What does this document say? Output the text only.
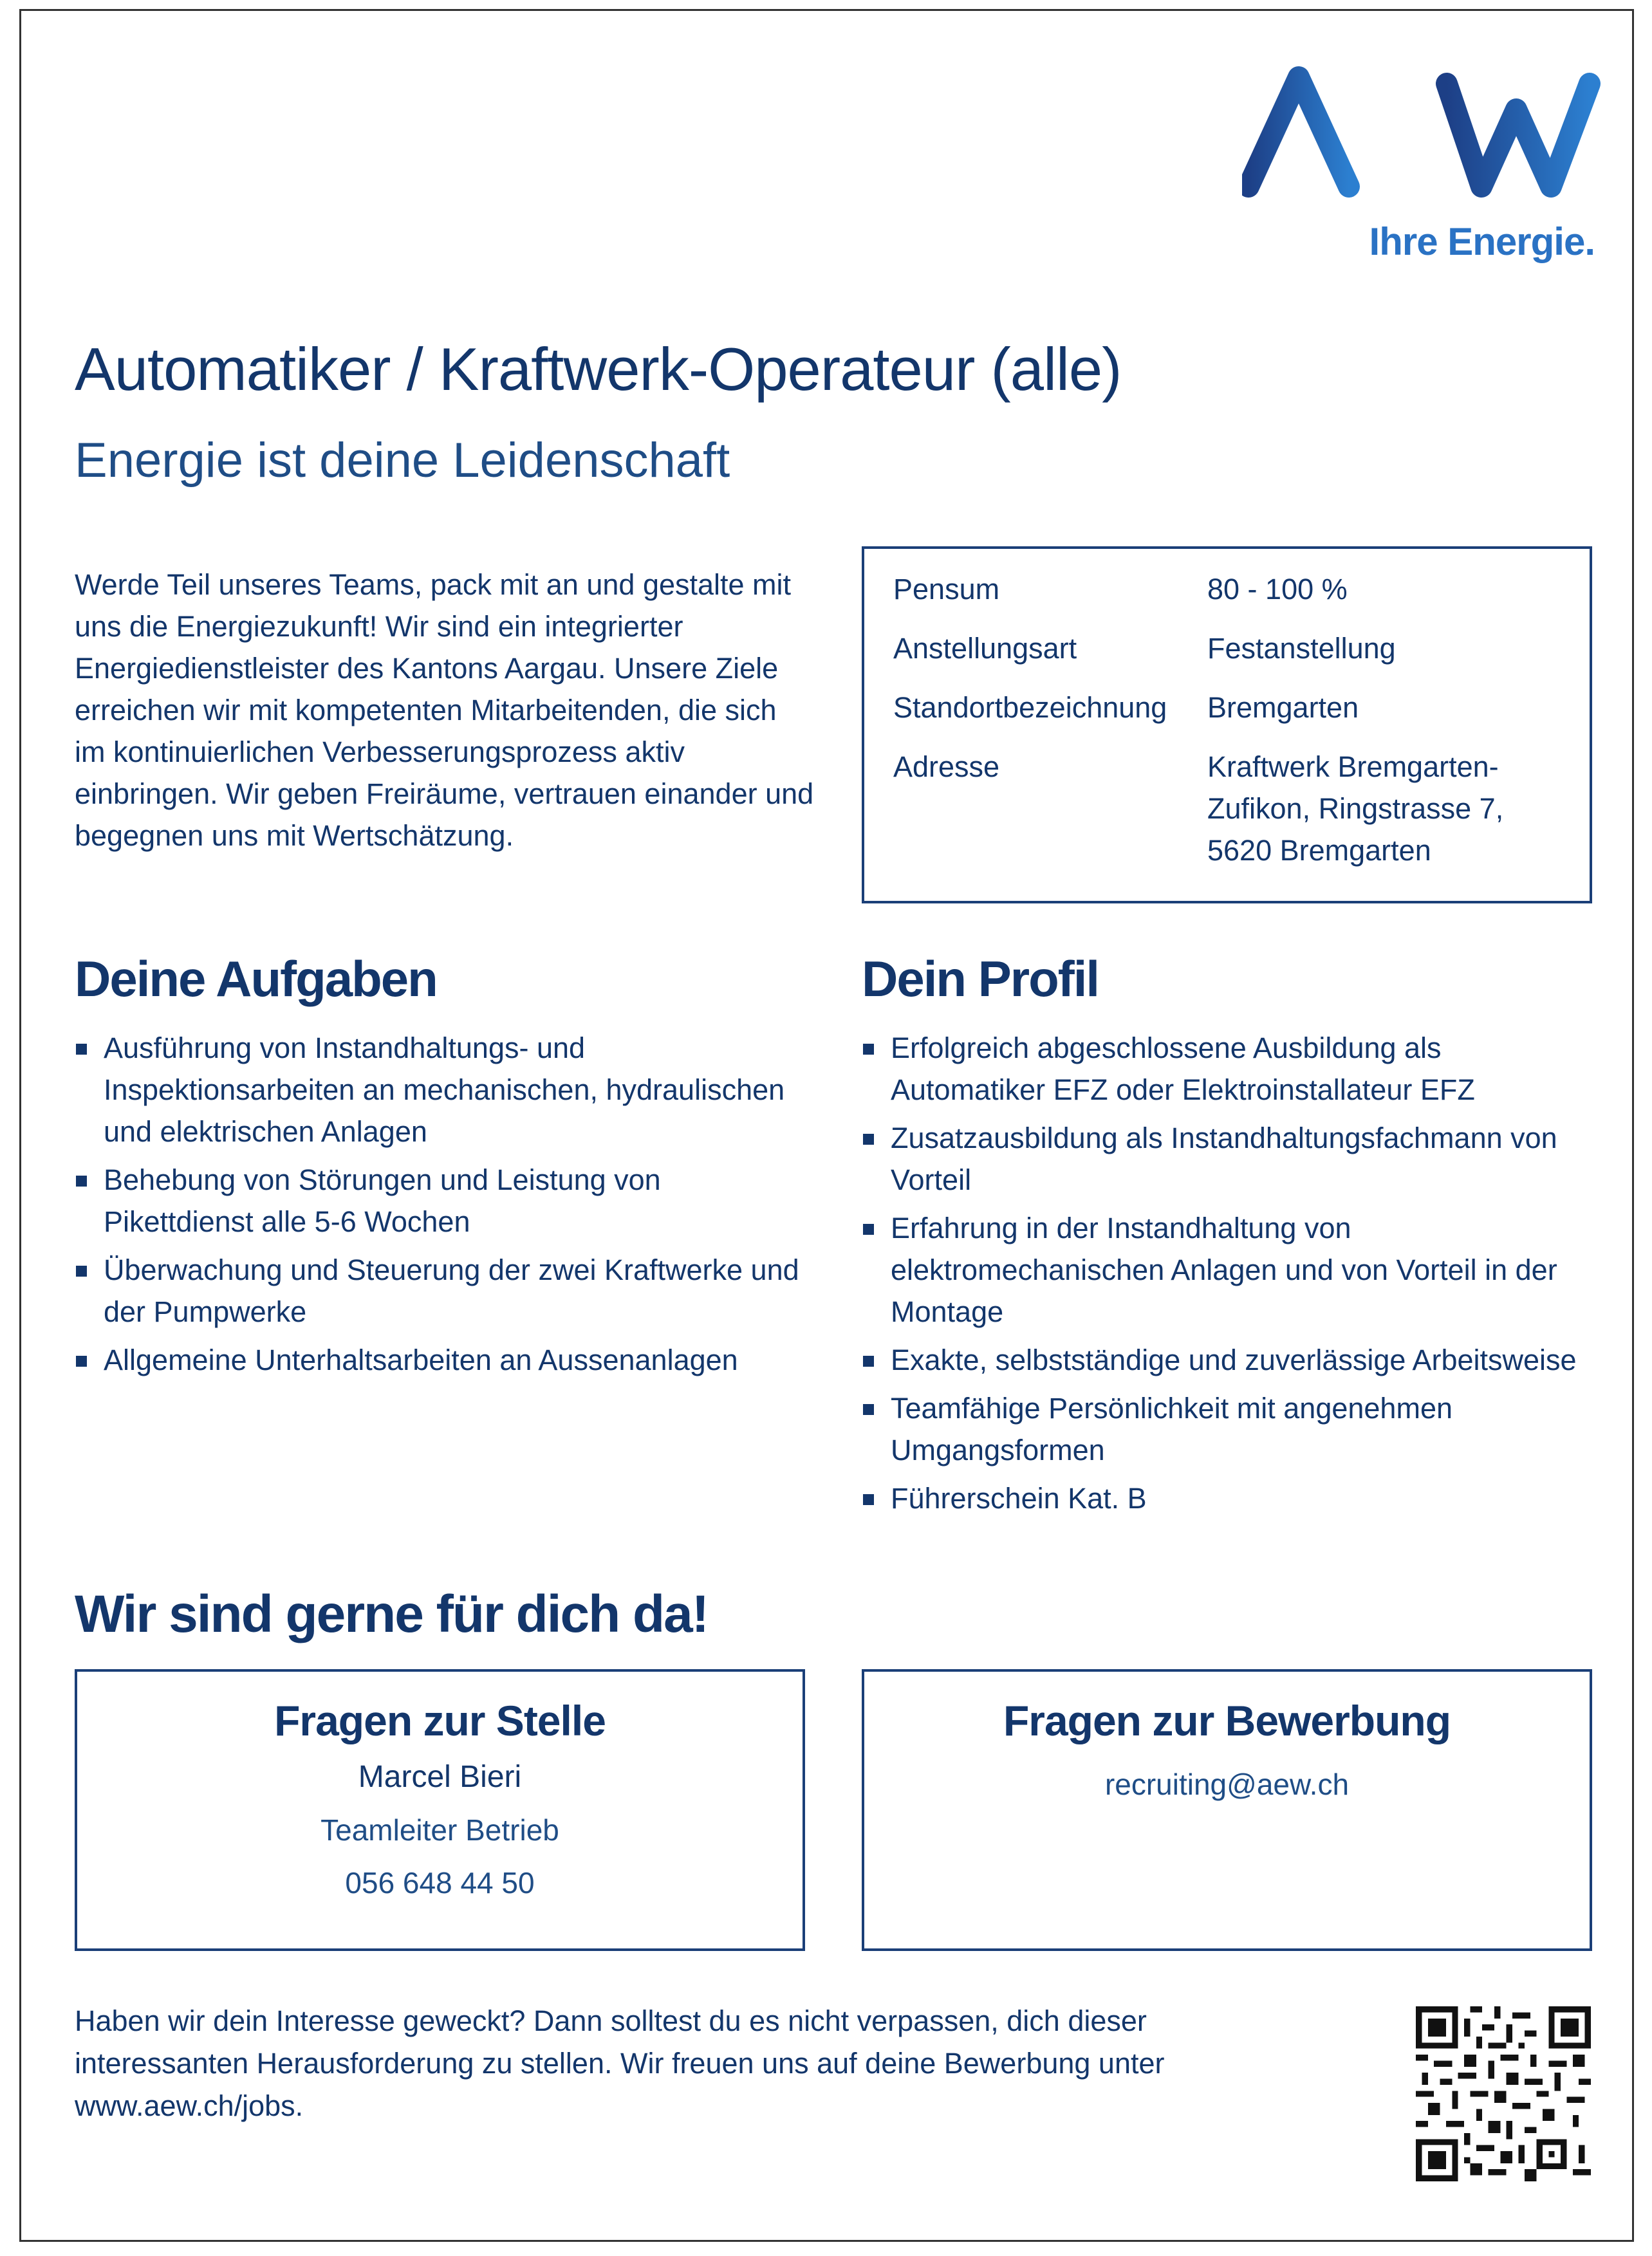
Ihre Energie.
Automatiker / Kraftwerk-Operateur (alle)
Energie ist deine Leidenschaft

Werde Teil unseres Teams, pack mit an und gestalte mit uns die Energiezukunft! Wir sind ein integrierter Energiedienstleister des Kantons Aargau. Unsere Ziele erreichen wir mit kompetenten Mitarbeitenden, die sich im kontinuierlichen Verbesserungsprozess aktiv einbringen. Wir geben Freiräume, vertrauen einander und begegnen uns mit Wertschätzung.

Pensum	80 - 100 %
Anstellungsart	Festanstellung
Standortbezeichnung Bremgarten
Adresse	Kraftwerk Bremgarten-Zufikon, Ringstrasse 7, 5620 Bremgarten
Deine Aufgaben
Ausführung von Instandhaltungs- und Inspektionsarbeiten an mechanischen, hydraulischen und elektrischen Anlagen
Behebung von Störungen und Leistung von Pikettdienst alle 5-6 Wochen
Überwachung und Steuerung der zwei Kraftwerke und der Pumpwerke
Allgemeine Unterhaltsarbeiten an Aussenanlagen
Dein Profil
Erfolgreich abgeschlossene Ausbildung als Automatiker EFZ oder Elektroinstallateur EFZ
Zusatzausbildung als Instandhaltungsfachmann von Vorteil
Erfahrung in der Instandhaltung von elektromechanischen Anlagen und von Vorteil in der Montage
Exakte, selbstständige und zuverlässige Arbeitsweise
Teamfähige Persönlichkeit mit angenehmen Umgangsformen
Führerschein Kat. B
Wir sind gerne für dich da!
Fragen zur Stelle
Marcel Bieri
Teamleiter Betrieb
056 648 44 50
Fragen zur Bewerbung
recruiting@aew.ch

Haben wir dein Interesse geweckt? Dann solltest du es nicht verpassen, dich dieser interessanten Herausforderung zu stellen. Wir freuen uns auf deine Bewerbung unter www.aew.ch/jobs.
